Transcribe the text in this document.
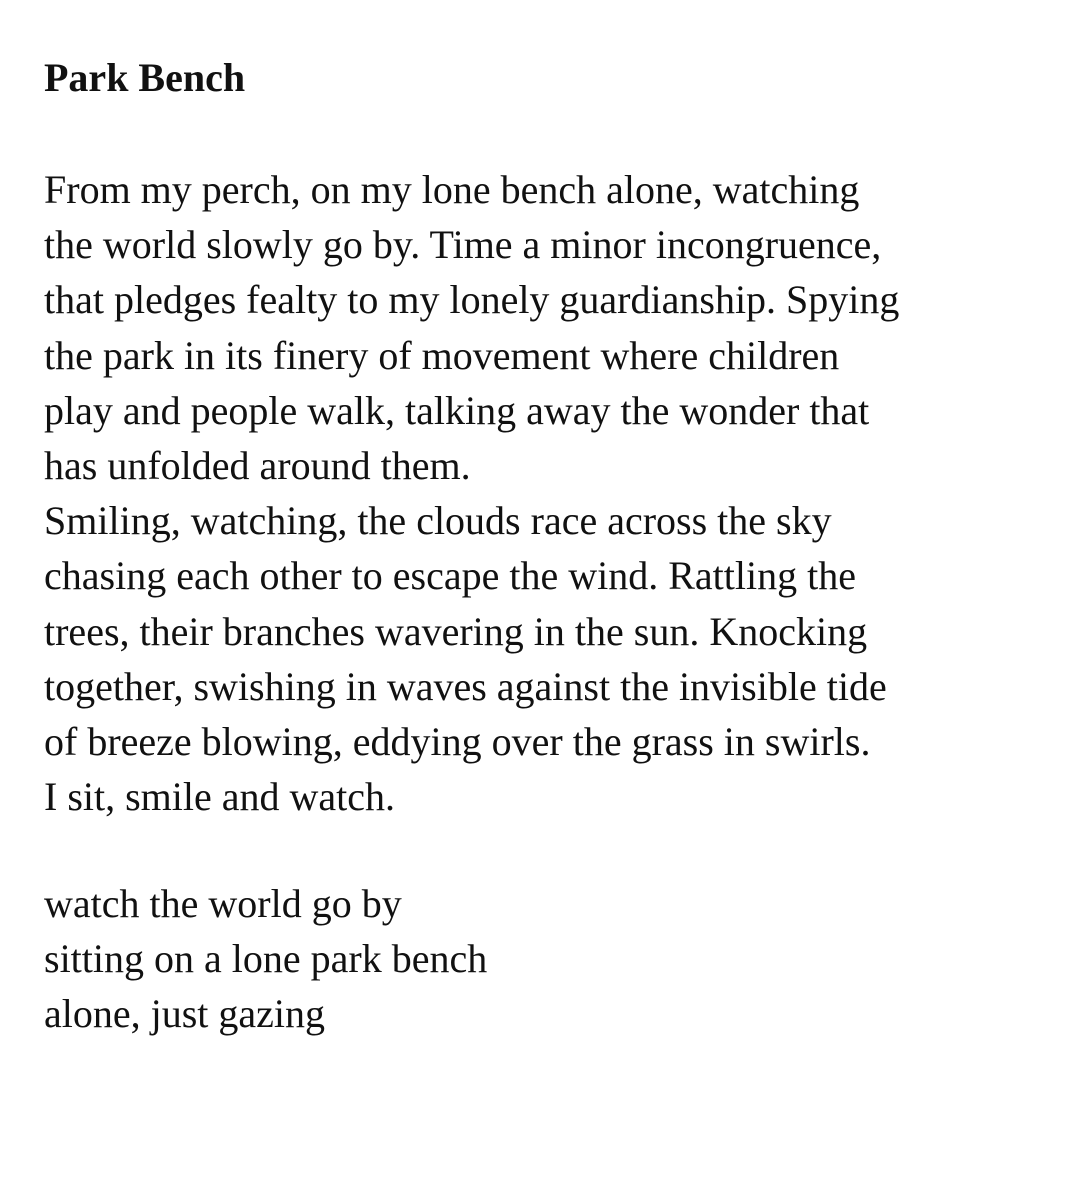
Park Bench
From my perch, on my lone bench alone, watching
the world slowly go by. Time a minor incongruence,
that pledges fealty to my lonely guardianship. Spying
the park in its finery of movement where children
play and people walk, talking away the wonder that
has unfolded around them.
Smiling, watching, the clouds race across the sky
chasing each other to escape the wind. Rattling the
trees, their branches wavering in the sun. Knocking
together, swishing in waves against the invisible tide
of breeze blowing, eddying over the grass in swirls.
I sit, smile and watch.
watch the world go by
sitting on a lone park bench
alone, just gazing
